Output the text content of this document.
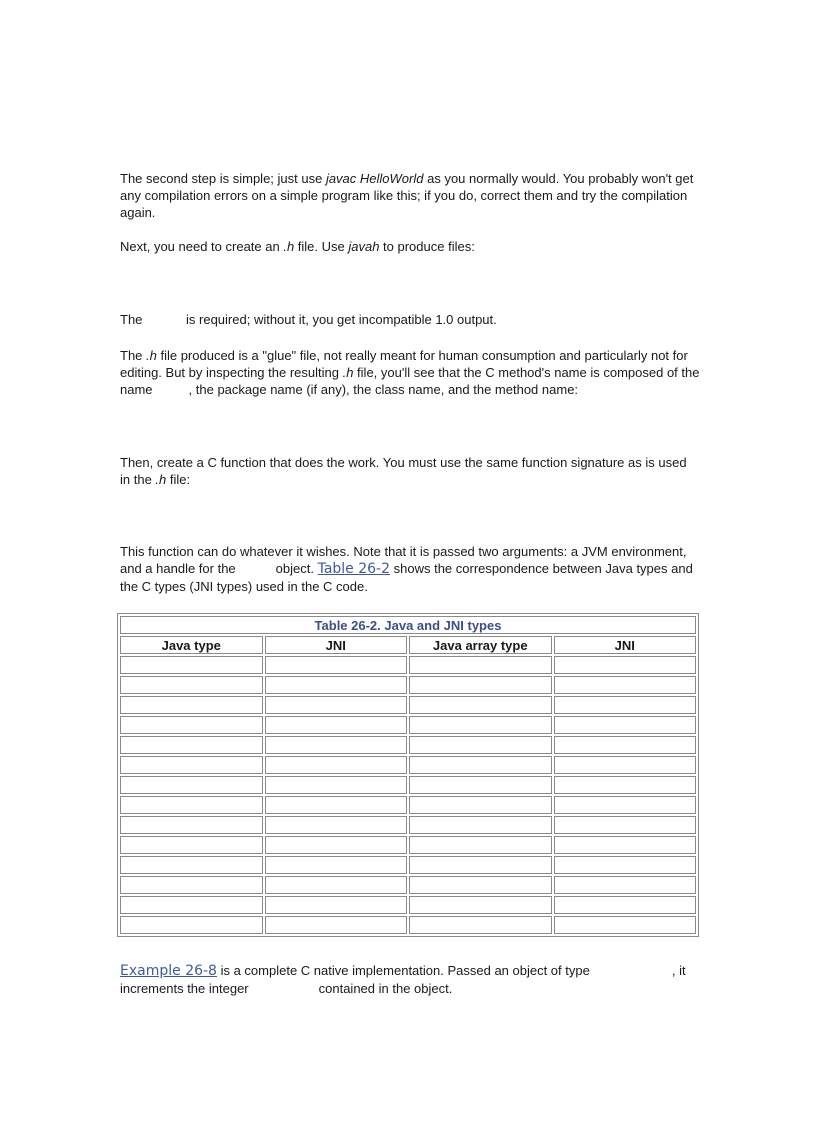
The second step is simple; just use javac HelloWorld as you normally would. You probably won't get any compilation errors on a simple program like this; if you do, correct them and try the compilation again.

Next, you need to create an .h file. Use javah to produce files:

The	is required; without it, you get incompatible 1.0 output.

The .h file produced is a "glue" file, not really meant for human consumption and particularly not for editing. But by inspecting the resulting .h file, you'll see that the C method's name is composed of the name	, the package name (if any), the class name, and the method name:

Then, create a C function that does the work. You must use the same function signature as is used in the .h file:

This function can do whatever it wishes. Note that it is passed two arguments: a JVM environment, and a handle for the	object. Table 26-2 shows the correspondence between Java types and the C types (JNI types) used in the C code.

Table 26-2. Java and JNI types			
Java type	JNI	Java array type	JNI

Example 26-8 is a complete C native implementation. Passed an object of type	, it increments the integer	contained in the object.
